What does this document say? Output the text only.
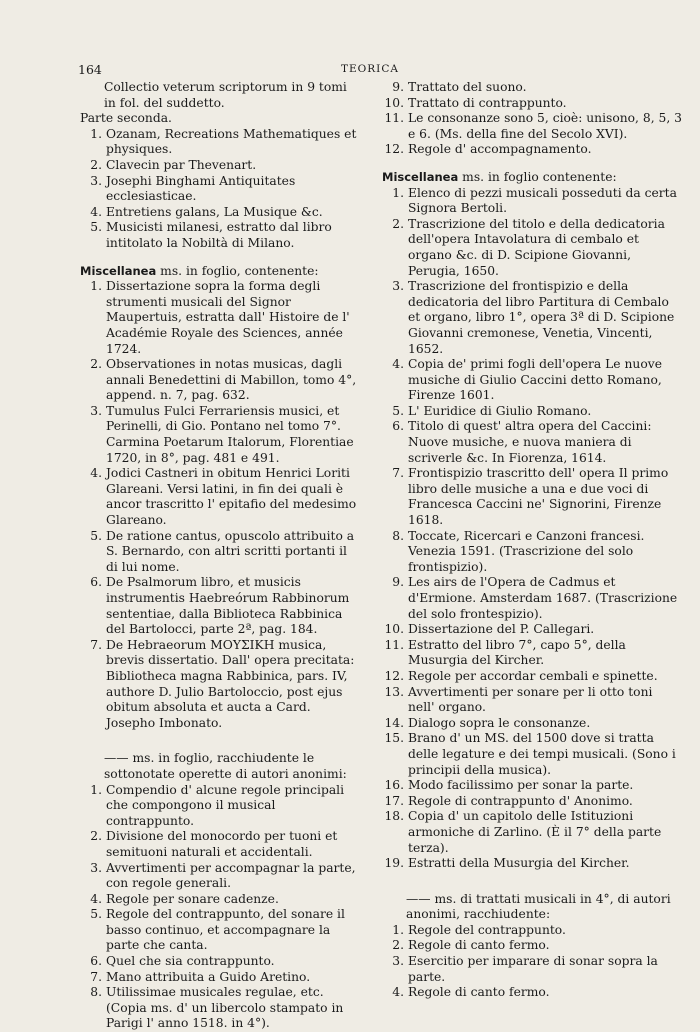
164	TEORICA
Collectio veterum scriptorum in 9 tomi in fol. del suddetto.
Parte seconda.
1. Ozanam, Recreations Mathematiques et physiques.
2. Clavecin par Thevenart.
3. Josephi Binghami Antiquitates ecclesiasticae.
4. Entretiens galans, La Musique &c.
5. Musicisti milanesi, estratto dal libro intitolato la Nobiltà di Milano.
Miscellanea ms. in foglio, contenente:
1. Dissertazione sopra la forma degli strumenti musicali del Signor Maupertuis, estratta dall' Histoire de l' Académie Royale des Sciences, année 1724.
2. Observationes in notas musicas, dagli annali Benedettini di Mabillon, tomo 4°, append. n. 7, pag. 632.
3. Tumulus Fulci Ferrariensis musici, et Perinelli, di Gio. Pontano nel tomo 7°. Carmina Poetarum Italorum, Florentiae 1720, in 8°, pag. 481 e 491.
4. Jodici Castneri in obitum Henrici Loriti Glareani. Versi latini, in fin dei quali è ancor trascritto l' epitafio del medesimo Glareano.
5. De ratione cantus, opuscolo attribuito a S. Bernardo, con altri scritti portanti il di lui nome.
6. De Psalmorum libro, et musicis instrumentis Haebreórum Rabbinorum sententiae, dalla Biblioteca Rabbinica del Bartolocci, parte 2ª, pag. 184.
7. De Hebraeorum ΜΟΥΣΙΚΗ musica, brevis dissertatio. Dall' opera precitata: Bibliotheca magna Rabbinica, pars. IV, authore D. Julio Bartoloccio, post ejus obitum absoluta et aucta a Card. Josepho Imbonato.
—— ms. in foglio, racchiudente le sottonotate operette di autori anonimi:
1. Compendio d' alcune regole principali che compongono il musical contrappunto.
2. Divisione del monocordo per tuoni et semituoni naturali et accidentali.
3. Avvertimenti per accompagnar la parte, con regole generali.
4. Regole per sonare cadenze.
5. Regole del contrappunto, del sonare il basso continuo, et accompagnare la parte che canta.
6. Quel che sia contrappunto.
7. Mano attribuita a Guido Aretino.
8. Utilissimae musicales regulae, etc. (Copia ms. d' un libercolo stampato in Parigi l' anno 1518. in 4°).
9. Trattato del suono.
10. Trattato di contrappunto.
11. Le consonanze sono 5, cioè: unisono, 8, 5, 3 e 6. (Ms. della fine del Secolo XVI).
12. Regole d' accompagnamento.
Miscellanea ms. in foglio contenente:
1. Elenco di pezzi musicali posseduti da certa Signora Bertoli.
2. Trascrizione del titolo e della dedicatoria dell'opera Intavolatura di cembalo et organo &c. di D. Scipione Giovanni, Perugia, 1650.
3. Trascrizione del frontispizio e della dedicatoria del libro Partitura di Cembalo et organo, libro 1°, opera 3ª di D. Scipione Giovanni cremonese, Venetia, Vincenti, 1652.
4. Copia de' primi fogli dell'opera Le nuove musiche di Giulio Caccini detto Romano, Firenze 1601.
5. L' Euridice di Giulio Romano.
6. Titolo di quest' altra opera del Caccini: Nuove musiche, e nuova maniera di scriverle &c. In Fiorenza, 1614.
7. Frontispizio trascritto dell' opera Il primo libro delle musiche a una e due voci di Francesca Caccini ne' Signorini, Firenze 1618.
8. Toccate, Ricercari e Canzoni francesi. Venezia 1591. (Trascrizione del solo frontispizio).
9. Les airs de l'Opera de Cadmus et d'Ermione. Amsterdam 1687. (Trascrizione del solo frontespizio).
10. Dissertazione del P. Callegari.
11. Estratto del libro 7°, capo 5°, della Musurgia del Kircher.
12. Regole per accordar cembali e spinette.
13. Avvertimenti per sonare per li otto toni nell' organo.
14. Dialogo sopra le consonanze.
15. Brano d' un MS. del 1500 dove si tratta delle legature e dei tempi musicali. (Sono i principii della musica).
16. Modo facilissimo per sonar la parte.
17. Regole di contrappunto d' Anonimo.
18. Copia d' un capitolo delle Istituzioni armoniche di Zarlino. (È il 7° della parte terza).
19. Estratti della Musurgia del Kircher.
—— ms. di trattati musicali in 4°, di autori anonimi, racchiudente:
1. Regole del contrappunto.
2. Regole di canto fermo.
3. Esercitio per imparare di sonar sopra la parte.
4. Regole di canto fermo.
